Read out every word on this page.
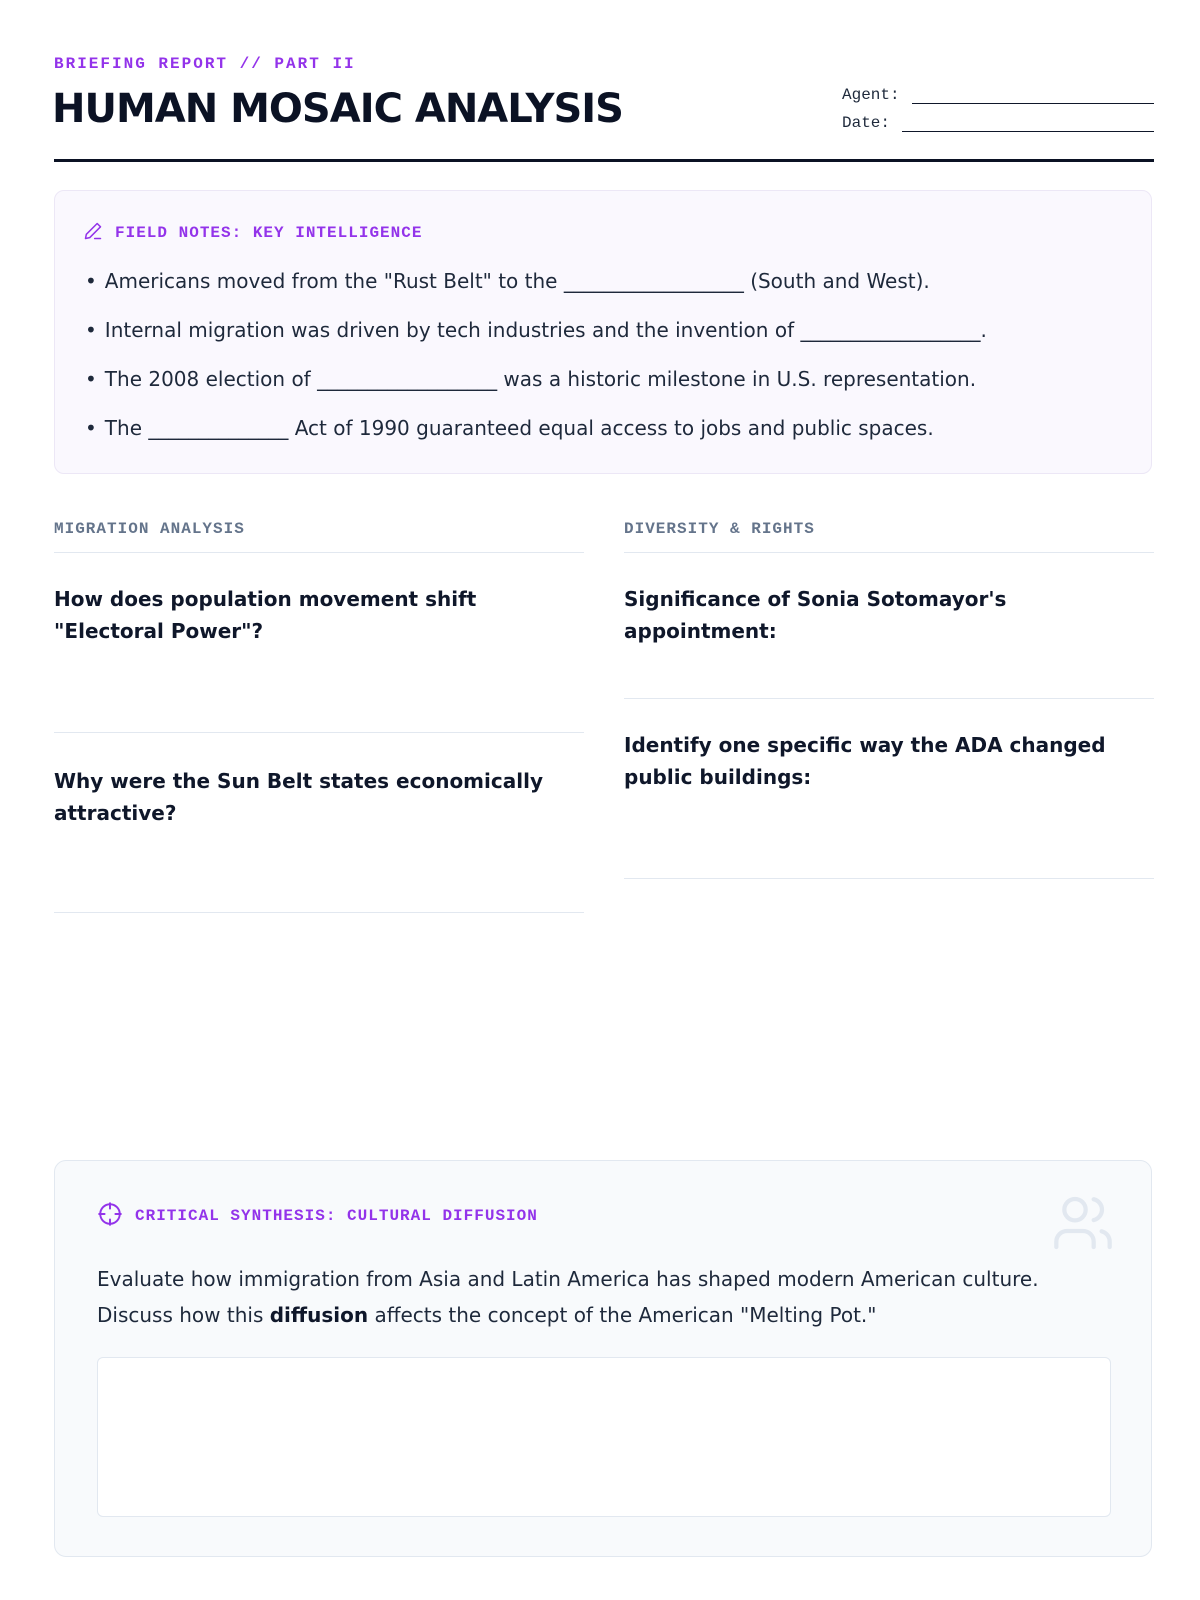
BRIEFING REPORT // PART II
HUMAN MOSAIC ANALYSIS	Agent:
Date:
FIELD NOTES: KEY INTELLIGENCE
• Americans moved from the "Rust Belt" to the __________________ (South and West).
• Internal migration was driven by tech industries and the invention of __________________.
• The 2008 election of __________________ was a historic milestone in U.S. representation.
• The ______________ Act of 1990 guaranteed equal access to jobs and public spaces.
MIGRATION ANALYSIS
How does population movement shift "Electoral Power"?
Why were the Sun Belt states economically attractive?
DIVERSITY & RIGHTS
Significance of Sonia Sotomayor's appointment:
Identify one specific way the ADA changed public buildings:
CRITICAL SYNTHESIS: CULTURAL DIFFUSION

Evaluate how immigration from Asia and Latin America has shaped modern American culture. Discuss how this diffusion affects the concept of the American "Melting Pot."
